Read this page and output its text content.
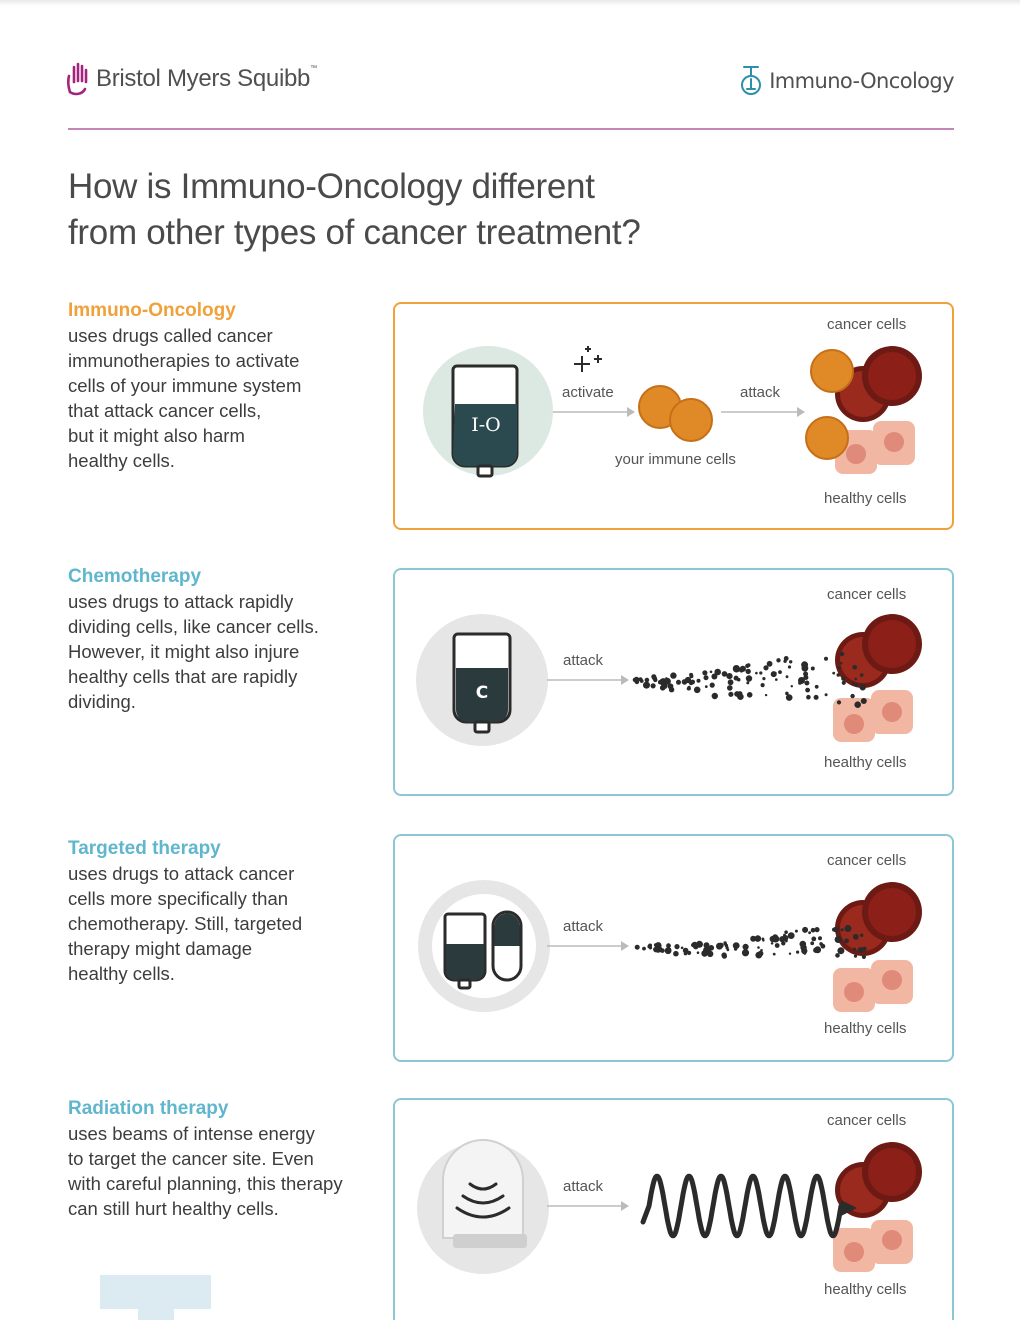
Bristol Myers Squibb™
Immuno-Oncology
How is Immuno-Oncology different
from other types of cancer treatment?
Immuno-Oncology
uses drugs called cancer
immunotherapies to activate
cells of your immune system
that attack cancer cells,
but it might also harm
healthy cells.
I-O
activate	attack
your immune cells
cancer cells
healthy cells
Chemotherapy
uses drugs to attack rapidly
dividing cells, like cancer cells.
However, it might also injure
healthy cells that are rapidly
dividing.	C
attack
cancer cells
healthy cells
Targeted therapy
uses drugs to attack cancer
cells more specifically than
chemotherapy. Still, targeted
therapy might damage
healthy cells.
attack
cancer cells
healthy cells
Radiation therapy
uses beams of intense energy
to target the cancer site. Even
with careful planning, this therapy
can still hurt healthy cells.
attack
cancer cells
healthy cells
